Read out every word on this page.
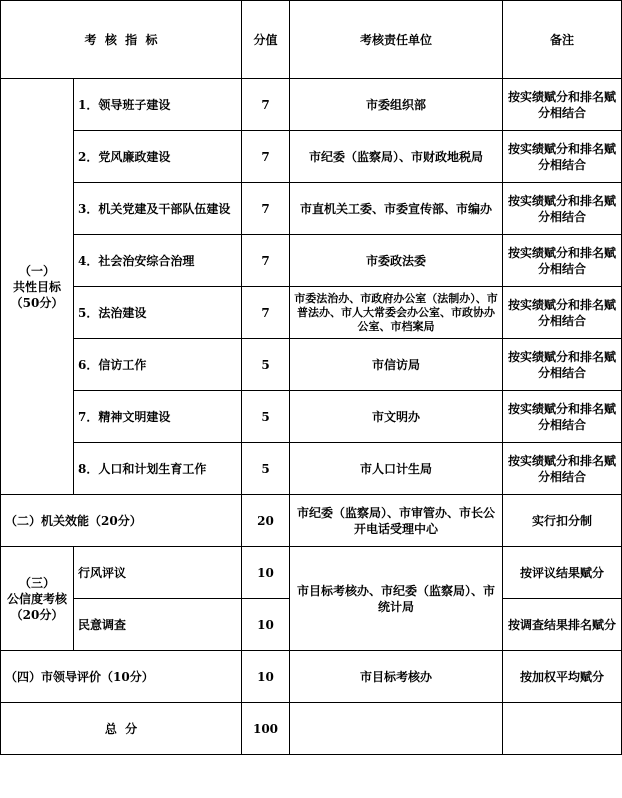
考  核  指  标		分值	考核责任单位	备注

（一）
共性目标
（50分）	1．领导班子建设	7	市委组织部	按实绩赋分和排名赋分相结合
	2．党风廉政建设	7	市纪委（监察局）、市财政地税局	按实绩赋分和排名赋分相结合
	3．机关党建及干部队伍建设	7	市直机关工委、市委宣传部、市编办	按实绩赋分和排名赋分相结合
	4．社会治安综合治理	7	市委政法委	按实绩赋分和排名赋分相结合
	5．法治建设	7	市委法治办、市政府办公室（法制办）、市普法办、市人大常委会办公室、市政协办公室、市档案局	按实绩赋分和排名赋分相结合
	6．信访工作	5	市信访局	按实绩赋分和排名赋分相结合
	7．精神文明建设	5	市文明办	按实绩赋分和排名赋分相结合
	8．人口和计划生育工作	5	市人口计生局	按实绩赋分和排名赋分相结合
（二）机关效能（20分）		20	市纪委（监察局）、市审管办、市长公开电话受理中心	实行扣分制

（三）
公信度考核
（20分）	行风评议	10	市目标考核办、市纪委（监察局）、市统计局	按评议结果赋分
	民意调查	10		按调查结果排名赋分
（四）市领导评价（10分）		10	市目标考核办	按加权平均赋分
总  分		100		
